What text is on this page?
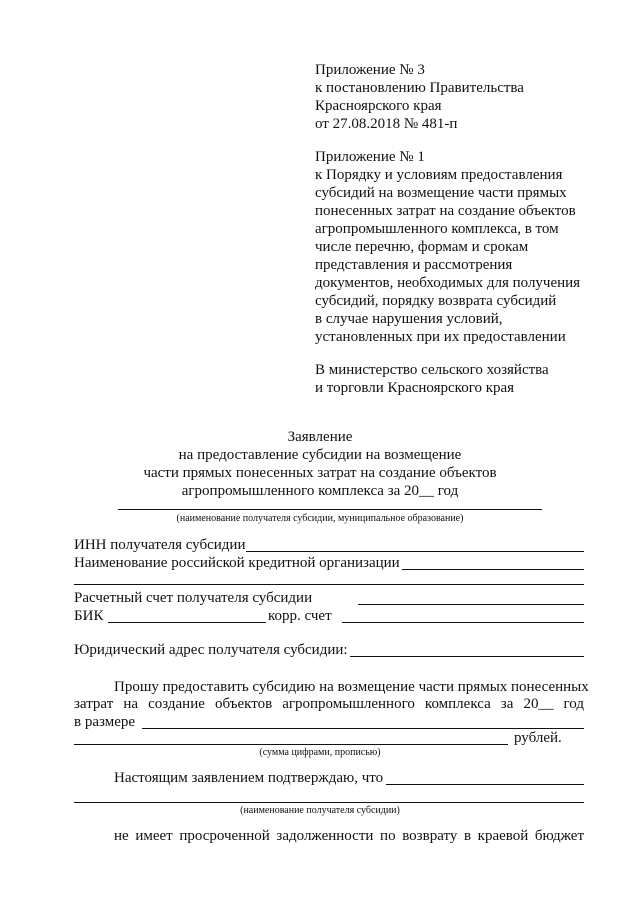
Приложение № 3
к постановлению Правительства
Красноярского края
от 27.08.2018 № 481-п
Приложение № 1
к Порядку и условиям предоставления
субсидий на возмещение части прямых
понесенных затрат на создание объектов
агропромышленного комплекса, в том
числе перечню, формам и срокам
представления и рассмотрения
документов, необходимых для получения
субсидий, порядку возврата субсидий
в случае нарушения условий,
установленных при их предоставлении
В министерство сельского хозяйства
и торговли Красноярского края
Заявление
на предоставление субсидии на возмещение
части прямых понесенных затрат на создание объектов
агропромышленного комплекса за 20__ год
(наименование получателя субсидии, муниципальное образование)
ИНН получателя субсидии
Наименование российской кредитной организации
Расчетный счет получателя субсидии
БИК	корр. счет
Юридический адрес получателя субсидии:
Прошу предоставить субсидию на возмещение части прямых понесенных
затрат на создание объектов агропромышленного комплекса за 20__ год
в размере
рублей.
(сумма цифрами, прописью)
Настоящим заявлением подтверждаю, что
(наименование получателя субсидии)
не имеет просроченной задолженности по возврату в краевой бюджет
